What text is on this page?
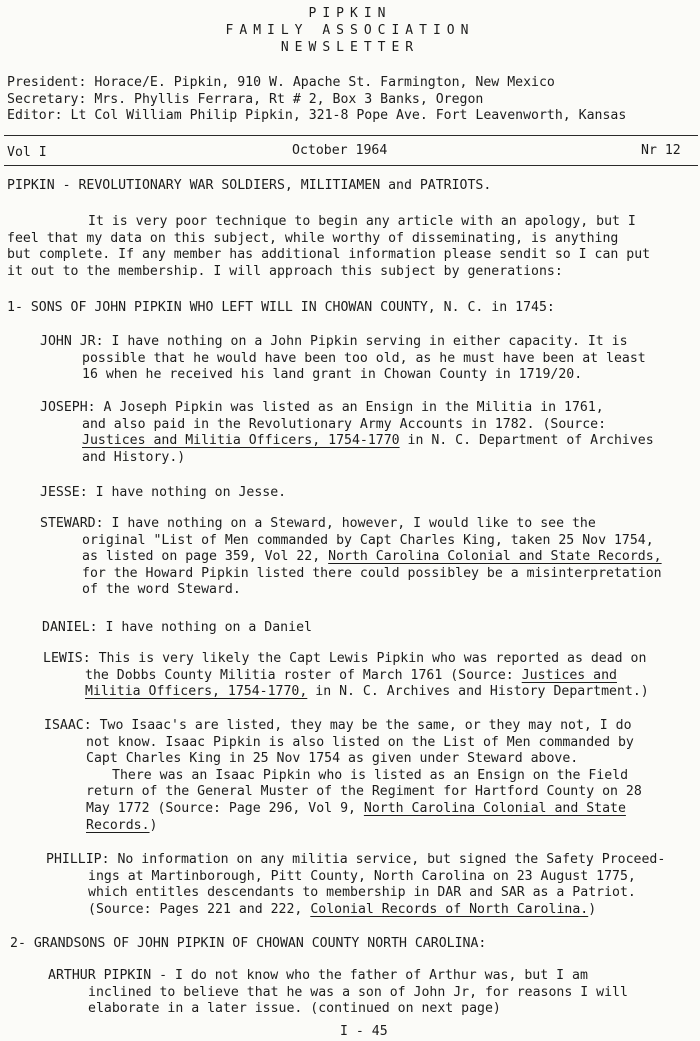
PIPKIN
FAMILY ASSOCIATION
NEWSLETTER
President: Horace/E. Pipkin, 910 W. Apache St. Farmington, New Mexico
Secretary: Mrs. Phyllis Ferrara, Rt # 2, Box 3 Banks, Oregon
Editor: Lt Col William Philip Pipkin, 321-8 Pope Ave. Fort Leavenworth, Kansas
Vol I	October 1964	Nr 12
PIPKIN - REVOLUTIONARY WAR SOLDIERS, MILITIAMEN and PATRIOTS.
It is very poor technique to begin any article with an apology, but I
feel that my data on this subject, while worthy of disseminating, is anything
but complete. If any member has additional information please sendit so I can put
it out to the membership. I will approach this subject by generations:
1- SONS OF JOHN PIPKIN WHO LEFT WILL IN CHOWAN COUNTY, N. C. in 1745:
JOHN JR: I have nothing on a John Pipkin serving in either capacity. It is
possible that he would have been too old, as he must have been at least
16 when he received his land grant in Chowan County in 1719/20.
JOSEPH: A Joseph Pipkin was listed as an Ensign in the Militia in 1761,
and also paid in the Revolutionary Army Accounts in 1782. (Source:
Justices and Militia Officers, 1754-1770 in N. C. Department of Archives
and History.)
JESSE: I have nothing on Jesse.
STEWARD: I have nothing on a Steward, however, I would like to see the
original "List of Men commanded by Capt Charles King, taken 25 Nov 1754,
as listed on page 359, Vol 22, North Carolina Colonial and State Records,
for the Howard Pipkin listed there could possibley be a misinterpretation
of the word Steward.
DANIEL: I have nothing on a Daniel
LEWIS: This is very likely the Capt Lewis Pipkin who was reported as dead on
the Dobbs County Militia roster of March 1761 (Source: Justices and
Militia Officers, 1754-1770, in N. C. Archives and History Department.)
ISAAC: Two Isaac's are listed, they may be the same, or they may not, I do
not know. Isaac Pipkin is also listed on the List of Men commanded by
Capt Charles King in 25 Nov 1754 as given under Steward above.
There was an Isaac Pipkin who is listed as an Ensign on the Field
return of the General Muster of the Regiment for Hartford County on 28
May 1772 (Source: Page 296, Vol 9, North Carolina Colonial and State
Records.)
PHILLIP: No information on any militia service, but signed the Safety Proceed-
ings at Martinborough, Pitt County, North Carolina on 23 August 1775,
which entitles descendants to membership in DAR and SAR as a Patriot.
(Source: Pages 221 and 222, Colonial Records of North Carolina.)
2- GRANDSONS OF JOHN PIPKIN OF CHOWAN COUNTY NORTH CAROLINA:
ARTHUR PIPKIN - I do not know who the father of Arthur was, but I am
inclined to believe that he was a son of John Jr, for reasons I will
elaborate in a later issue. (continued on next page)
I - 45
